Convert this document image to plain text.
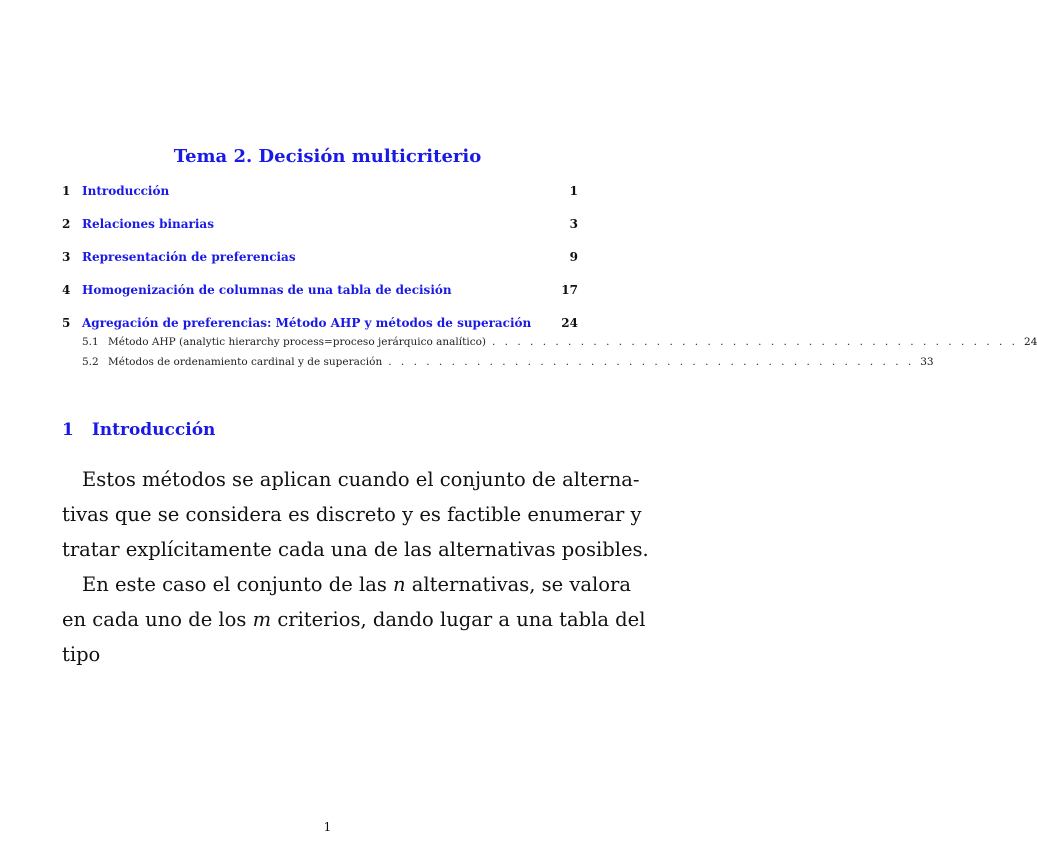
Tema 2. Decisión multicriterio
1 Introducción	1
2 Relaciones binarias	3
3 Representación de preferencias	9
4 Homogenización de columnas de una tabla de decisión	17
5 Agregación de preferencias: Método AHP y métodos de superación	24
5.1 Método AHP (analytic hierarchy process=proceso jerárquico analítico) . . . . . . . . . . . . . . . . . . . . . . . . . . . . . . . . . . . . . . . . . . 24
5.2 Métodos de ordenamiento cardinal y de superación . . . . . . . . . . . . . . . . . . . . . . . . . . . . . . . . . . . . . . . . . . 33
1 Introducción
Estos métodos se aplican cuando el conjunto de alterna-
tivas que se considera es discreto y es factible enumerar y
tratar explícitamente cada una de las alternativas posibles.
En este caso el conjunto de las n alternativas, se valora
en cada uno de los m criterios, dando lugar a una tabla del
tipo
1
